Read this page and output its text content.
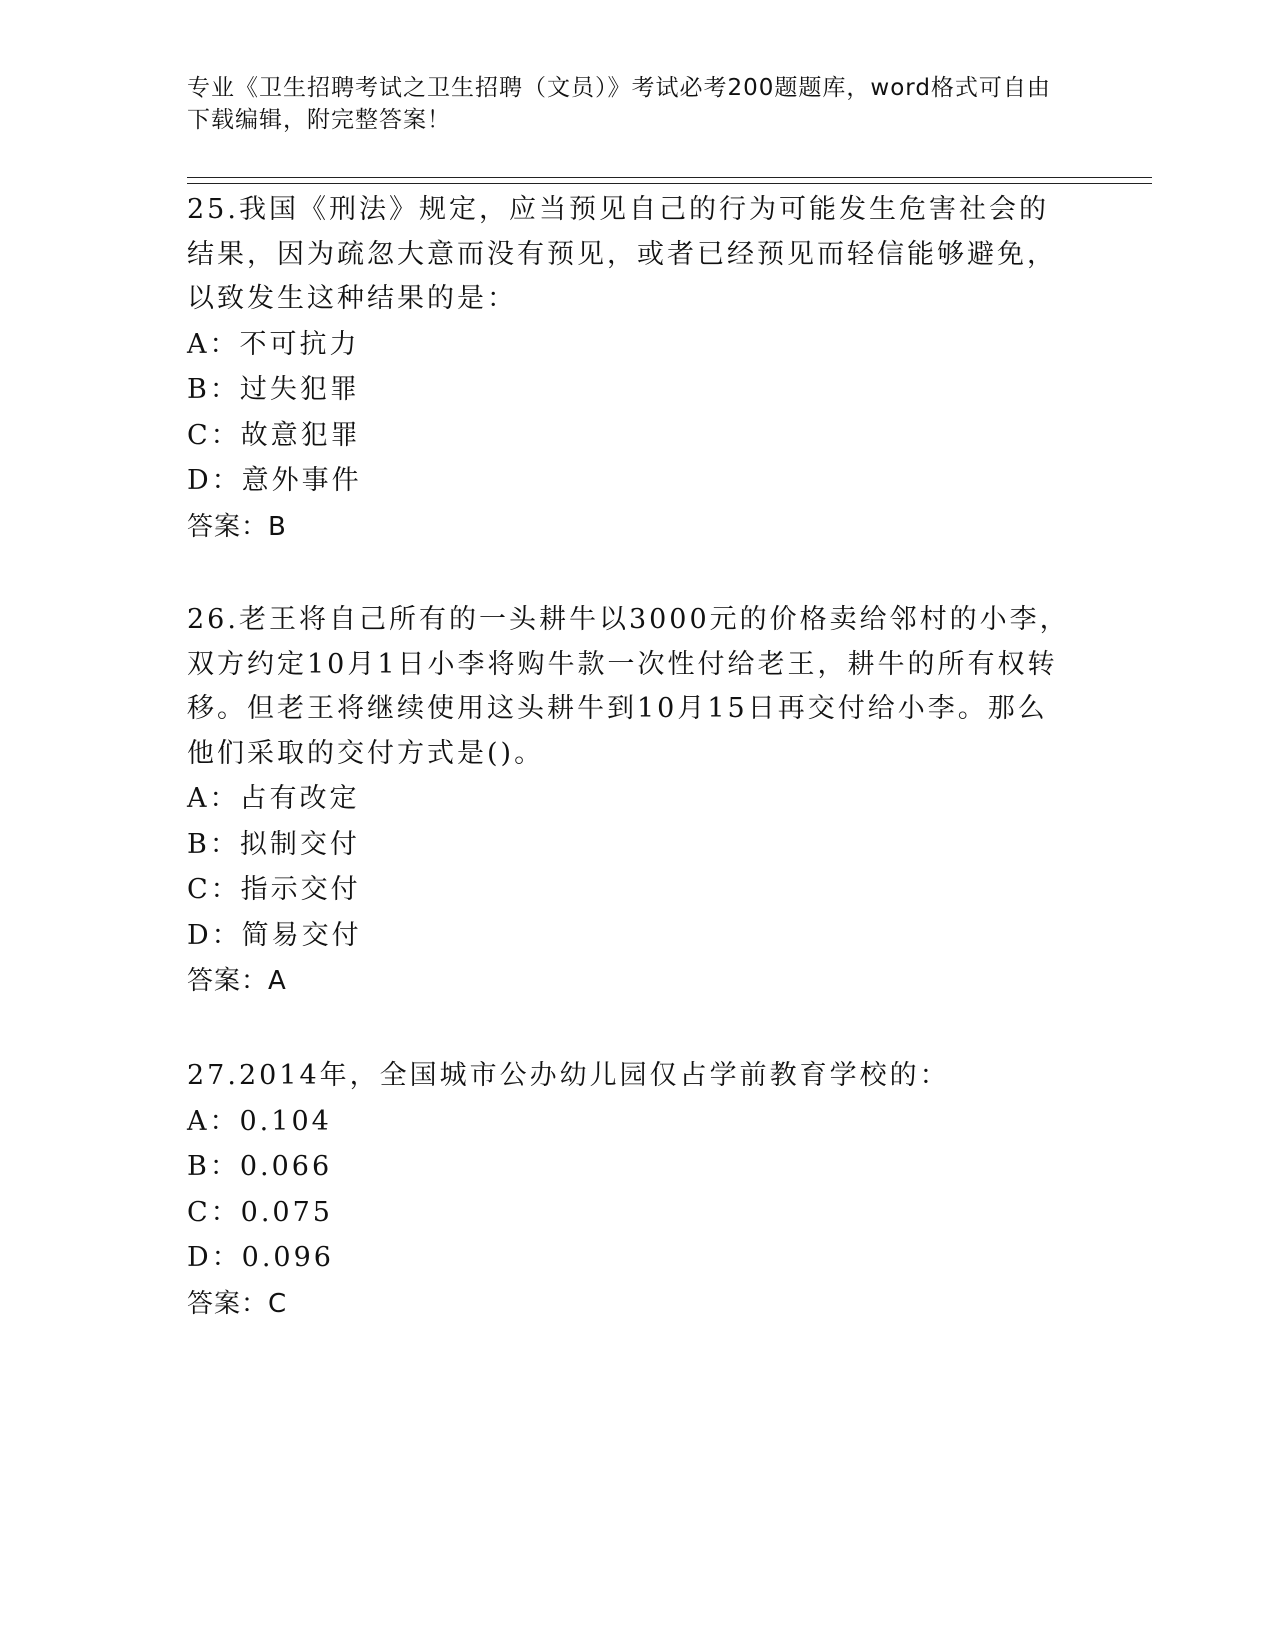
专业《卫生招聘考试之卫生招聘（文员）》考试必考200题题库，word格式可自由下载编辑，附完整答案！

25.我国《刑法》规定，应当预见自己的行为可能发生危害社会的结果，因为疏忽大意而没有预见，或者已经预见而轻信能够避免，以致发生这种结果的是：

A：不可抗力

B：过失犯罪

C：故意犯罪

D：意外事件

答案：B

26.老王将自己所有的一头耕牛以3000元的价格卖给邻村的小李，双方约定10月1日小李将购牛款一次性付给老王，耕牛的所有权转移。但老王将继续使用这头耕牛到10月15日再交付给小李。那么他们采取的交付方式是()。

A：占有改定

B：拟制交付

C：指示交付

D：简易交付

答案：A

27.2014年，全国城市公办幼儿园仅占学前教育学校的：

A：0.104

B：0.066

C：0.075

D：0.096

答案：C
